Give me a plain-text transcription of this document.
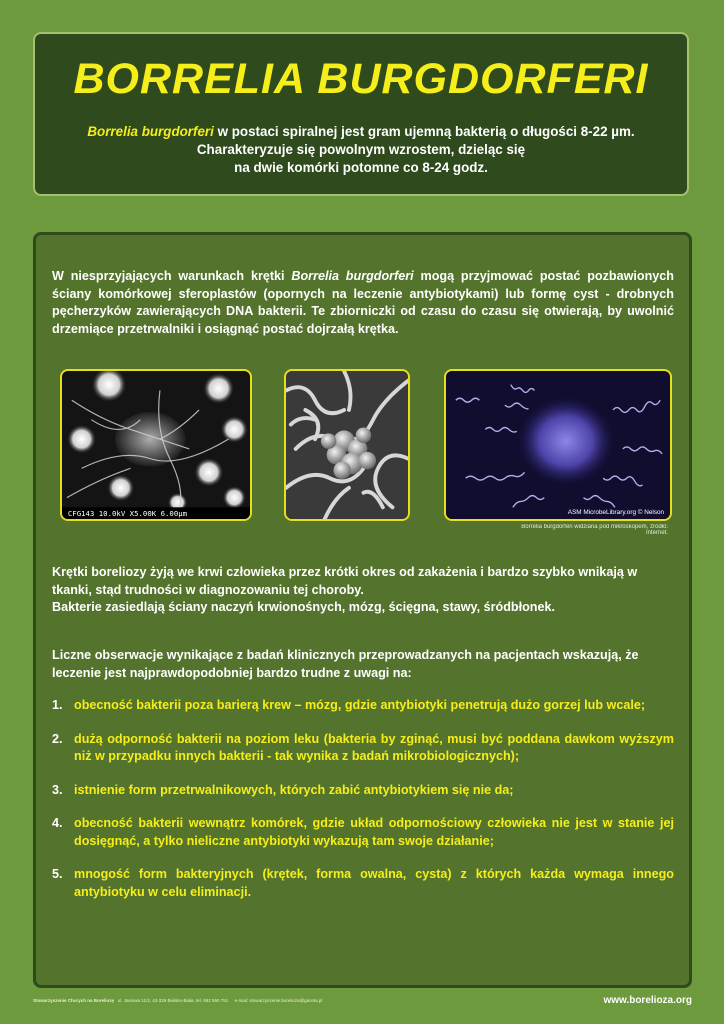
BORRELIA BURGDORFERI

Borrelia burgdorferi w postaci spiralnej jest gram ujemną bakterią o długości 8-22 µm.
Charakteryzuje się powolnym wzrostem, dzieląc się
na dwie komórki potomne co 8-24 godz.

W niesprzyjających warunkach krętki Borrelia burgdorferi mogą przyjmować postać pozbawionych ściany komórkowej sferoplastów (opornych na leczenie antybiotykami) lub formę cyst - drobnych pęcherzyków zawierających DNA bakterii. Te zbiorniczki od czasu do czasu się otwierają, by uwolnić drzemiące przetrwalniki i osiągnąć postać dojrzałą krętka.

CFG143 10.0kV X5.00K 6.00µm	ASM MicrobeLibrary.org © Nelson
Borrelia burgdorferi widziana pod mikroskopem, źródło: Internet.

Krętki boreliozy żyją we krwi człowieka przez krótki okres od zakażenia i bardzo szybko wnikają w tkanki, stąd trudności w diagnozowaniu tej choroby.
Bakterie zasiedlają ściany naczyń krwionośnych, mózg, ścięgna, stawy, śródbłonek.

Liczne obserwacje wynikające z badań klinicznych przeprowadzanych na pacjentach wskazują, że leczenie jest najprawdopodobniej bardzo trudne z uwagi na:

1. obecność bakterii poza barierą krew – mózg, gdzie antybiotyki penetrują dużo gorzej lub wcale;
2. dużą odporność bakterii na poziom leku (bakteria by zginąć, musi być poddana dawkom wyższym niż w przypadku innych bakterii - tak wynika z badań mikrobiologicznych);
3. istnienie form przetrwalnikowych, których zabić antybiotykiem się nie da;
4. obecność bakterii wewnątrz komórek, gdzie układ odpornościowy człowieka nie jest w stanie jej dosięgnąć, a tylko nieliczne antybiotyki wykazują tam swoje działanie;
5. mnogość form bakteryjnych (krętek, forma owalna, cysta) z których każda wymaga innego antybiotyku w celu eliminacji.
Stowarzyszenie Chorych na Boreliozę ul. Jasiowa 11/3, 43-326 Bielsko-Biała, tel. 692 560 751 e-mail: stowarzyszenie.borelioza@gazeta.pl	www.borelioza.org
